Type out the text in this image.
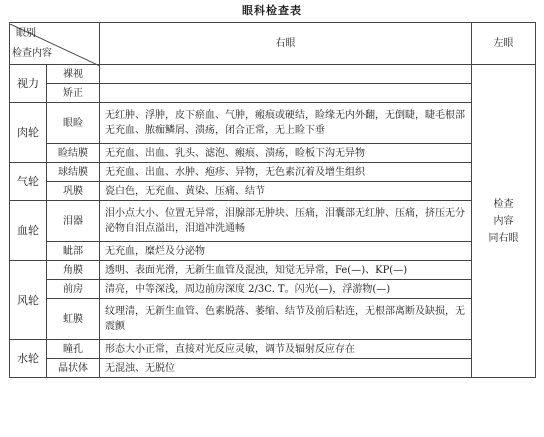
眼科检查表
眼别
检查内容		右眼	左眼
视力	裸视		检查
内容
同右眼

	矫正		
肉轮	眼睑	无红肿、浮肿，皮下瘀血、气肿，瘢痕或硬结，睑缘无内外翻，无倒睫，睫毛根部无充血、脓痂鳞屑、溃疡，闭合正常，无上睑下垂	
	睑结膜	无充血、出血、乳头、滤泡、瘢痕、溃疡，睑板下沟无异物	
气轮	球结膜	无充血、出血、水肿、疱疹、异物，无色素沉着及增生组织	
	巩膜	瓷白色，无充血、黄染、压痛、结节	
血轮	泪器	泪小点大小、位置无异常，泪腺部无肿块、压痛，泪囊部无红肿、压痛，挤压无分泌物自泪点溢出，泪道冲洗通畅	
	眦部	无充血，糜烂及分泌物	
风轮	角膜	透明、表面光滑，无新生血管及混浊，知觉无异常，Fe(—)、KP(—)	
	前房	清亮，中等深浅，周边前房深度 2/3C. T。闪光(—)，浮游物(—)	
	虹膜	纹理清，无新生血管、色素脱落、萎缩、结节及前后粘连，无根部离断及缺损，无震颤	
水轮	瞳孔	形态大小正常，直接对光反应灵敏，调节及辐射反应存在	
	晶状体	无混浊、无脱位	
